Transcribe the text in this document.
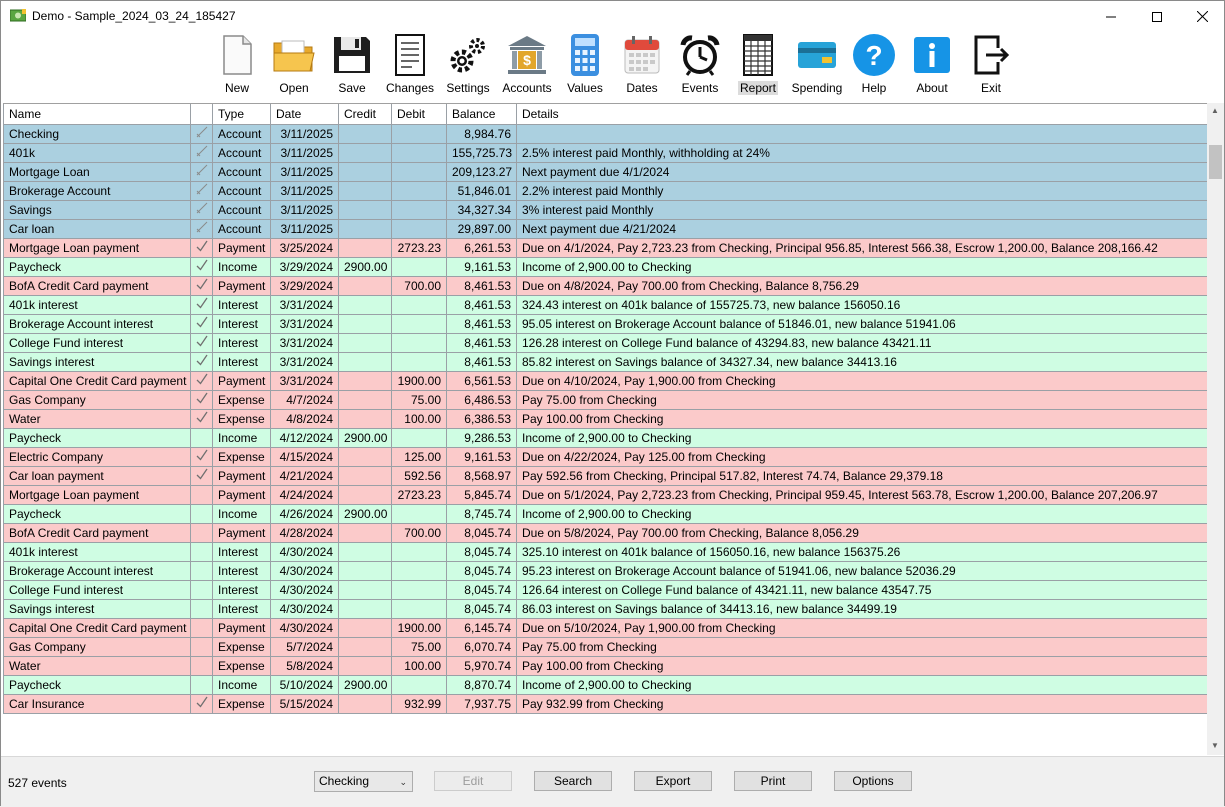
Demo - Sample_2024_03_24_185427
New	Open Save Changes Settings
$
Accounts Values Dates Events Report Spending
?
Help About	Exit
Name		Type	Date	Credit	Debit	Balance	Details
Checking		Account	3/11/2025			8,984.76	
401k		Account	3/11/2025			155,725.73	2.5% interest paid Monthly, withholding at 24%
Mortgage Loan		Account	3/11/2025			209,123.27	Next payment due 4/1/2024
Brokerage Account		Account	3/11/2025			51,846.01	2.2% interest paid Monthly
Savings		Account	3/11/2025			34,327.34	3% interest paid Monthly
Car loan		Account	3/11/2025			29,897.00	Next payment due 4/21/2024
Mortgage Loan payment		Payment	3/25/2024		2723.23	6,261.53	Due on 4/1/2024, Pay 2,723.23 from Checking, Principal 956.85, Interest 566.38, Escrow 1,200.00, Balance 208,166.42
Paycheck		Income	3/29/2024	2900.00		9,161.53	Income of 2,900.00 to Checking
BofA Credit Card payment		Payment	3/29/2024		700.00	8,461.53	Due on 4/8/2024, Pay 700.00 from Checking, Balance 8,756.29
401k interest		Interest	3/31/2024			8,461.53	324.43 interest on 401k balance of 155725.73, new balance 156050.16
Brokerage Account interest		Interest	3/31/2024			8,461.53	95.05 interest on Brokerage Account balance of 51846.01, new balance 51941.06
College Fund interest		Interest	3/31/2024			8,461.53	126.28 interest on College Fund balance of 43294.83, new balance 43421.11
Savings interest		Interest	3/31/2024			8,461.53	85.82 interest on Savings balance of 34327.34, new balance 34413.16
Capital One Credit Card payment		Payment	3/31/2024		1900.00	6,561.53	Due on 4/10/2024, Pay 1,900.00 from Checking
Gas Company		Expense	4/7/2024		75.00	6,486.53	Pay 75.00 from Checking
Water		Expense	4/8/2024		100.00	6,386.53	Pay 100.00 from Checking
Paycheck		Income	4/12/2024	2900.00		9,286.53	Income of 2,900.00 to Checking
Electric Company		Expense	4/15/2024		125.00	9,161.53	Due on 4/22/2024, Pay 125.00 from Checking
Car loan payment		Payment	4/21/2024		592.56	8,568.97	Pay 592.56 from Checking, Principal 517.82, Interest 74.74, Balance 29,379.18
Mortgage Loan payment		Payment	4/24/2024		2723.23	5,845.74	Due on 5/1/2024, Pay 2,723.23 from Checking, Principal 959.45, Interest 563.78, Escrow 1,200.00, Balance 207,206.97
Paycheck		Income	4/26/2024	2900.00		8,745.74	Income of 2,900.00 to Checking
BofA Credit Card payment		Payment	4/28/2024		700.00	8,045.74	Due on 5/8/2024, Pay 700.00 from Checking, Balance 8,056.29
401k interest		Interest	4/30/2024			8,045.74	325.10 interest on 401k balance of 156050.16, new balance 156375.26
Brokerage Account interest		Interest	4/30/2024			8,045.74	95.23 interest on Brokerage Account balance of 51941.06, new balance 52036.29
College Fund interest		Interest	4/30/2024			8,045.74	126.64 interest on College Fund balance of 43421.11, new balance 43547.75
Savings interest		Interest	4/30/2024			8,045.74	86.03 interest on Savings balance of 34413.16, new balance 34499.19
Capital One Credit Card payment		Payment	4/30/2024		1900.00	6,145.74	Due on 5/10/2024, Pay 1,900.00 from Checking
Gas Company		Expense	5/7/2024		75.00	6,070.74	Pay 75.00 from Checking
Water		Expense	5/8/2024		100.00	5,970.74	Pay 100.00 from Checking
Paycheck		Income	5/10/2024	2900.00		8,870.74	Income of 2,900.00 to Checking
Car Insurance		Expense	5/15/2024		932.99	7,937.75	Pay 932.99 from Checking
▲
▼
527 events	Checking	⌄	Edit	Search	Export	Print	Options
